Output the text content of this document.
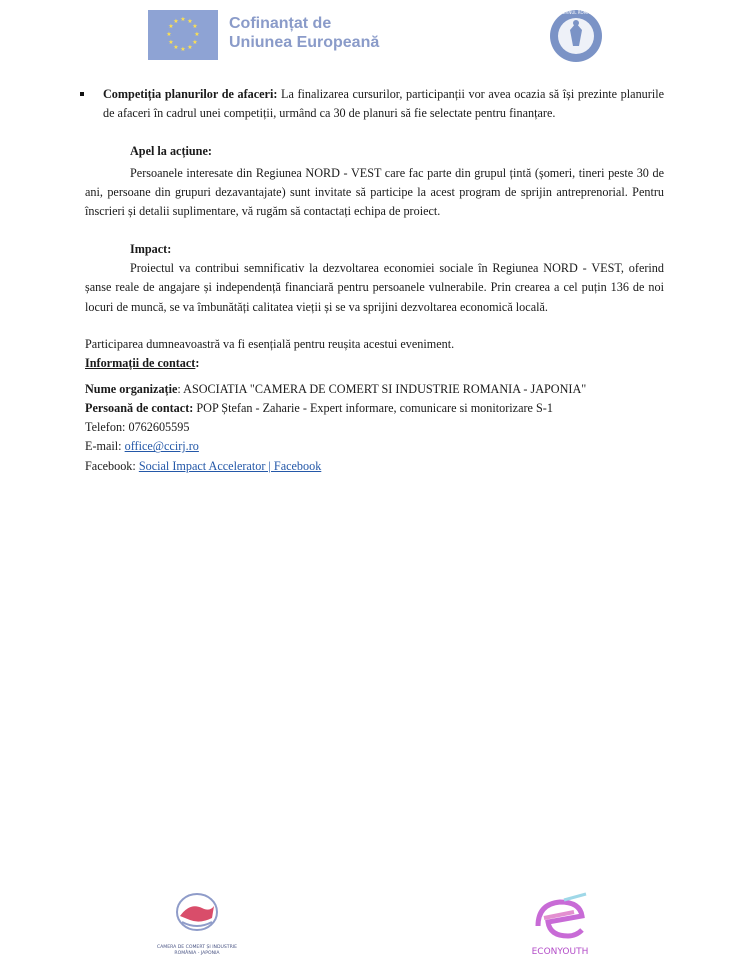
★ ★
★
★
★
★
★
★
★
★
★
★	Cofinanțat de
Uniunea Europeană
GUVERNUL ROMÂNIEI
Competiția planurilor de afaceri: La finalizarea cursurilor, participanții vor avea ocazia să își prezinte planurile de afaceri în cadrul unei competiții, urmând ca 30 de planuri să fie selectate pentru finanțare.
Apel la acțiune:
Persoanele interesate din Regiunea NORD - VEST care fac parte din grupul țintă (șomeri, tineri peste 30 de ani, persoane din grupuri dezavantajate) sunt invitate să participe la acest program de sprijin antreprenorial. Pentru înscrieri și detalii suplimentare, vă rugăm să contactați echipa de proiect.
Impact:
Proiectul va contribui semnificativ la dezvoltarea economiei sociale în Regiunea NORD - VEST, oferind șanse reale de angajare și independență financiară pentru persoanele vulnerabile. Prin crearea a cel puțin 136 de noi locuri de muncă, se va îmbunătăți calitatea vieții și se va sprijini dezvoltarea economică locală.
Participarea dumneavoastră va fi esențială pentru reușita acestui eveniment.
Informații de contact:
Nume organizație: ASOCIATIA "CAMERA DE COMERT SI INDUSTRIE ROMANIA - JAPONIA"
Persoană de contact: POP Ștefan - Zaharie - Expert informare, comunicare si monitorizare S-1
Telefon: 0762605595
E-mail: office@ccirj.ro
Facebook: Social Impact Accelerator | Facebook
CAMERA DE COMERT ȘI INDUSTRIE
ROMÂNIA - JAPONIA	ECONYOUTH
